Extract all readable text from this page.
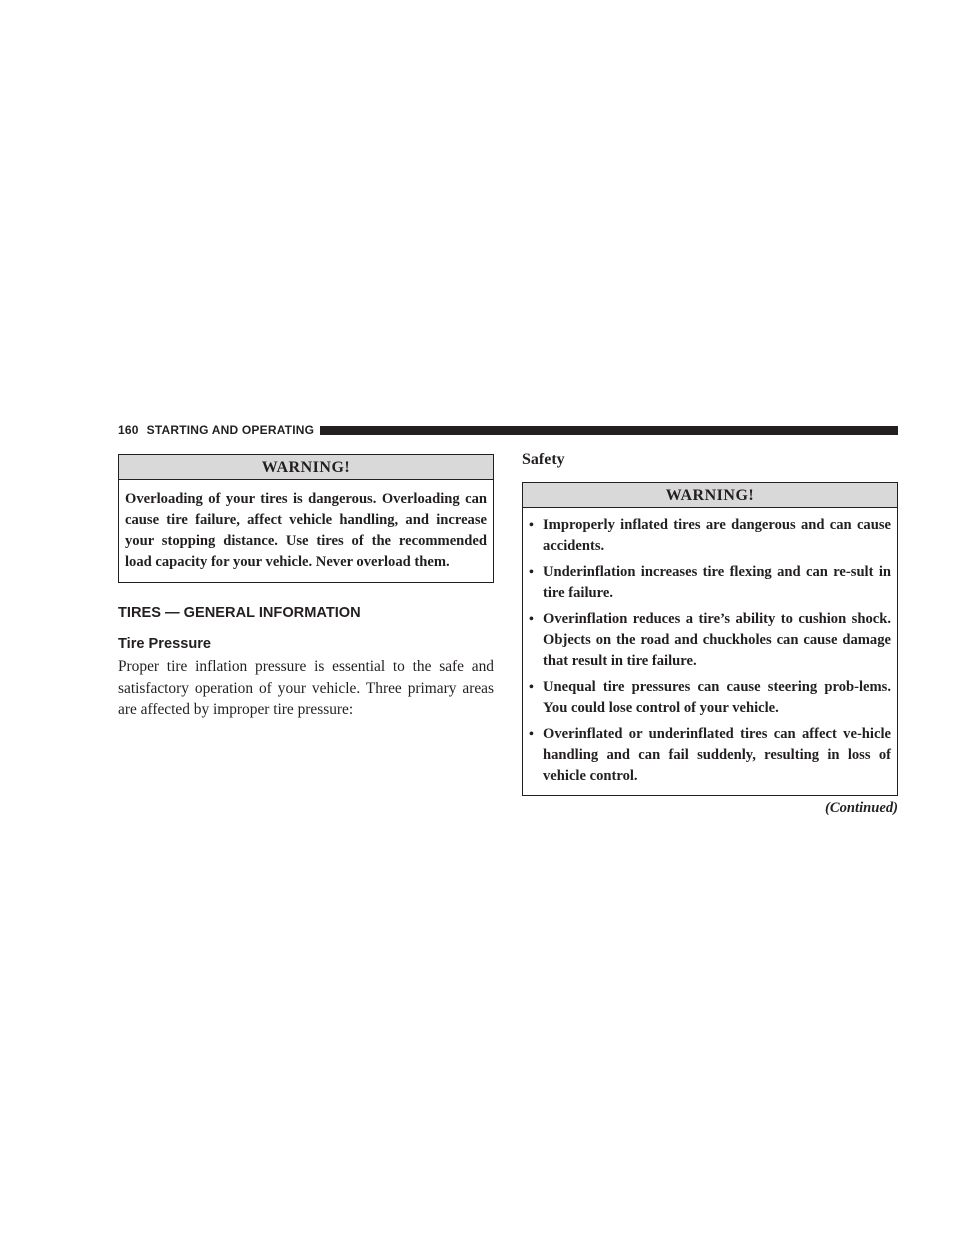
160 STARTING AND OPERATING
WARNING!
Overloading of your tires is dangerous. Overloading can cause tire failure, affect vehicle handling, and increase your stopping distance. Use tires of the recommended load capacity for your vehicle. Never overload them.
TIRES — GENERAL INFORMATION
Tire Pressure
Proper tire inflation pressure is essential to the safe and satisfactory operation of your vehicle. Three primary areas are affected by improper tire pressure:
Safety
WARNING!
• Improperly inflated tires are dangerous and can cause accidents.
• Underinflation increases tire flexing and can re-sult in tire failure.
• Overinflation reduces a tire’s ability to cushion shock. Objects on the road and chuckholes can cause damage that result in tire failure.
• Unequal tire pressures can cause steering prob-lems. You could lose control of your vehicle.
• Overinflated or underinflated tires can affect ve-hicle handling and can fail suddenly, resulting in loss of vehicle control.
(Continued)
